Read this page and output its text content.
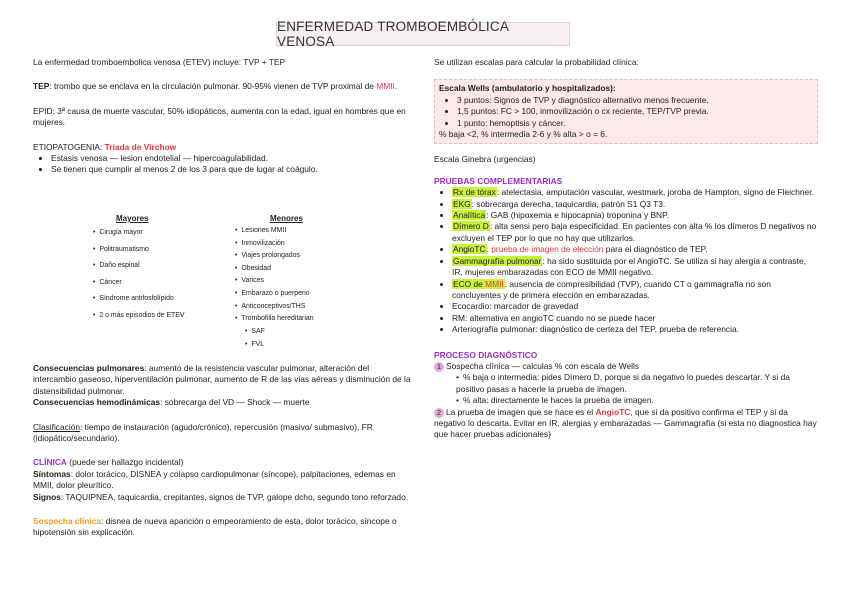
ENFERMEDAD TROMBOEMBÓLICA VENOSA

La enfermedad tromboembolica venosa (ETEV) incluye: TVP + TEP

TEP: trombo que se enclava en la circulación pulmonar. 90-95% vienen de TVP proximal de MMII.

EPID: 3ª causa de muerte vascular, 50% idiopáticos, aumenta con la edad, igual en hombres que en mujeres.

ETIOPATOGENIA: Triada de Virchow

• Estasis venosa — lesion endotelial — hipercoagulabilidad.
• Se tienen que cumplir al menos 2 de los 3 para que de lugar al coágulo.
Mayores	Menores
• Cirugía mayor
• Politraumatismo
• Daño espinal
• Cáncer
• Síndrome antifosfolípido
• 2 o más episodios de ETEV
• Lesiones MMII
• Inmovilización
• Viajes prolongados
• Obesidad
• Varices
• Embarazo o puerperio
• Anticonceptivos/THS
• Trombofilia hereditarian
• SAF
• FVL

Consecuencias pulmonares: aumento de la resistencia vascular pulmonar, alteración del intercambio gaseoso, hiperventilación pulmonar, aumento de R de las vias aéreas y disminución de la distensibilidad pulmonar.

Consecuencias hemodinámicas: sobrecarga del VD — Shock — muerte

Clasificación: tiempo de instauración (agudo/crónico), repercusión (masivo/ submasivo), FR (idiopático/secundario).

CLÍNICA (puede ser hallazgo incidental)

Síntomas: dolor torácico, DISNEA y colapso cardiopulmonar (síncope), palpitaciones, edemas en MMII, dolor pleurítico.

Signos: TAQUIPNEA, taquicardia, crepitantes, signos de TVP, galope dcho, segundo tono reforzado.

Sospecha clínica: disnea de nueva aparición o empeoramiento de esta, dolor torácico, síncope o hipotensión sin explicación.

Se utilizan escalas para calcular la probabilidad clínica:

Escala Wells (ambulatorio y hospitalizados):

• 3 puntos: Signos de TVP y diagnóstico alternativo menos frecuente.
• 1,5 puntos: FC > 100, inmovilización o cx reciente, TEP/TVP previa.
• 1 punto: hemoptisis y cáncer.

% baja <2, % intermedia 2-6 y % alta > o = 6.

Escala Ginebra (urgencias)

PRUEBAS COMPLEMENTARIAS

• Rx de tórax: atelectasia, amputación vascular, westmark, joroba de Hampton, signo de Fleichner.
• EKG: sobrecarga derecha, taquicardia, patrón S1 Q3 T3.
• Analítica: GAB (hipoxemia e hipocapnia) troponina y BNP.
• Dímero D: alta sensi pero baja especificidad. En pacientes con alta % los dímeros D negativos no excluyen el TEP por lo que no hay que utilizarlos.
• AngioTC: prueba de imagen de elección para el diagnóstico de TEP.
• Gammagrafía pulmonar: ha sido sustituida por el AngioTC. Se utiliza si hay alergia a contraste, IR, mujeres embarazadas con ECO de MMII negativo.
• ECO de MMII: ausencia de compresibilidad (TVP), cuando CT o gammagrafía no son concluyentes y de primera elección en embarazadas.
• Ecocardio: marcador de gravedad
• RM: alternativa en angioTC cuando no se puede hacer
• Arteriografía pulmonar: diagnóstico de certeza del TEP, prueba de referencia.

PROCESO DIAGNÓSTICO

1 Sospecha clínica — calculas % con escala de Wells

• % baja o intermedia: pides Dímero D, porque si da negativo lo puedes descartar. Y si da positivo pasas a hacerle la prueba de imagen.
• % alta: directamente le haces la prueba de imagen.

2 La prueba de imagen que se hace es el AngioTC, que si da positivo confirma el TEP y si da negativo lo descarta. Evitar en IR, alergias y embarazadas — Gammagrafía (si esta no diagnostica hay que hacer pruebas adicionales)
